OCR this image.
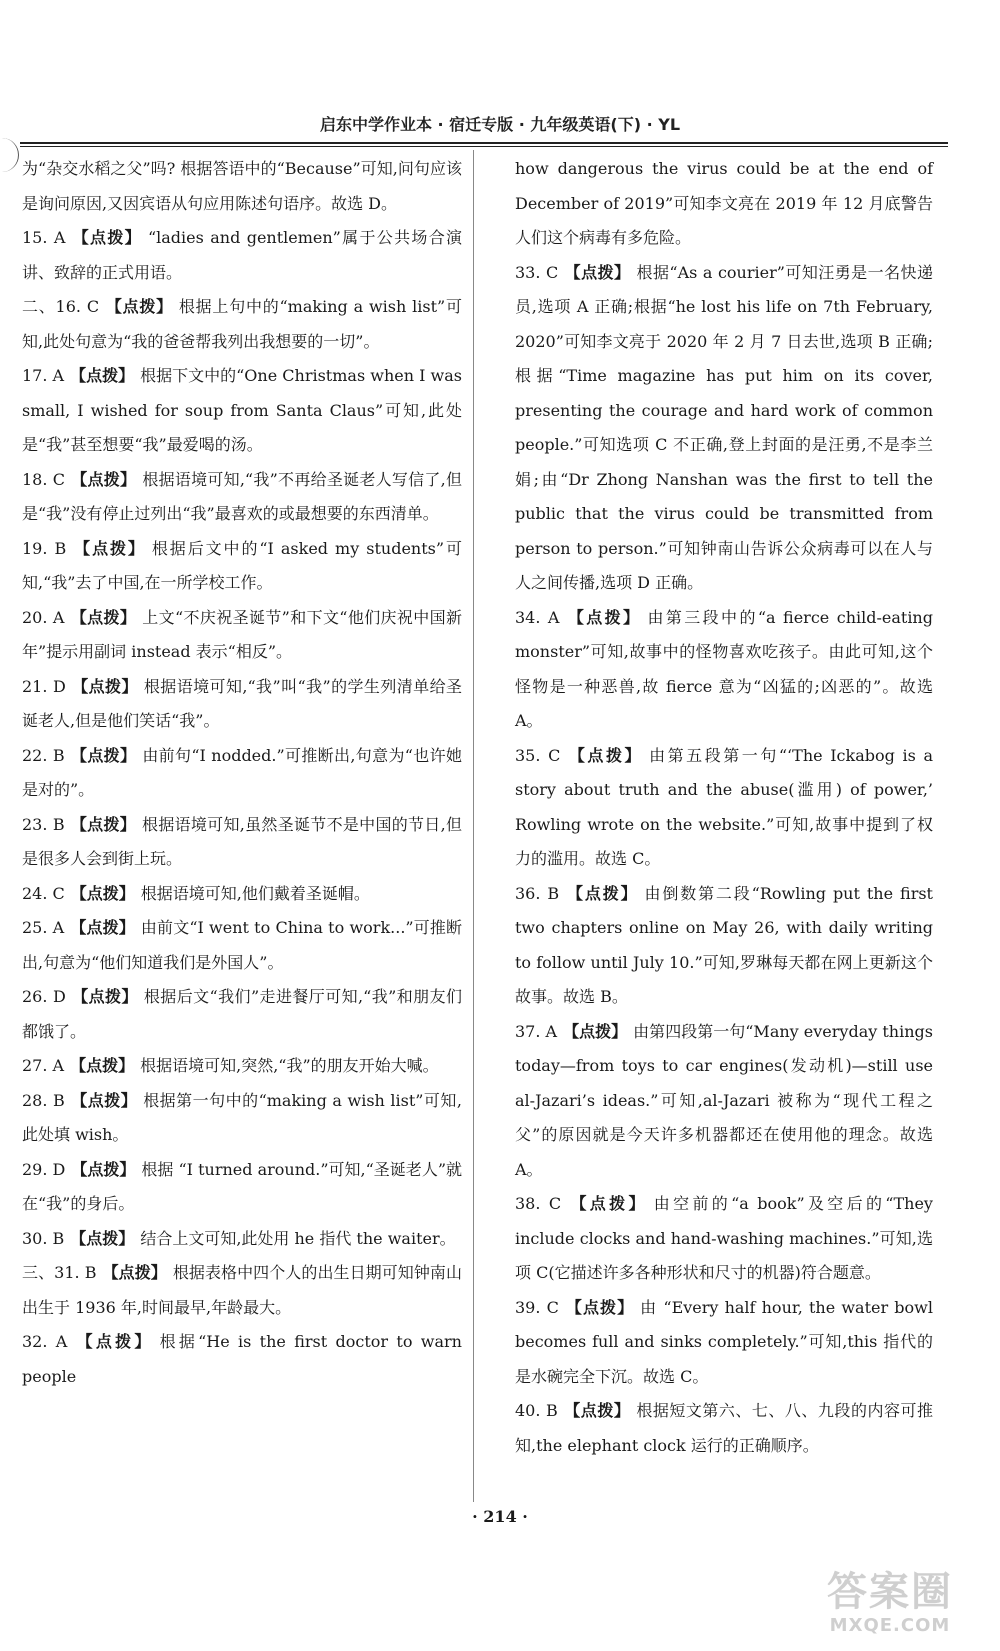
启东中学作业本 · 宿迁专版 · 九年级英语(下) · YL
为“杂交水稻之父”吗? 根据答语中的“Because”可知,问句应该是询问原因,又因宾语从句应用陈述句语序。故选 D。
15. A 【点拨】 “ladies and gentlemen”属于公共场合演讲、致辞的正式用语。
二、16. C 【点拨】 根据上句中的“making a wish list”可知,此处句意为“我的爸爸帮我列出我想要的一切”。
17. A 【点拨】 根据下文中的“One Christmas when I was small, I wished for soup from Santa Claus”可知,此处是“我”甚至想要“我”最爱喝的汤。
18. C 【点拨】 根据语境可知,“我”不再给圣诞老人写信了,但是“我”没有停止过列出“我”最喜欢的或最想要的东西清单。
19. B 【点拨】 根据后文中的“I asked my students”可知,“我”去了中国,在一所学校工作。
20. A 【点拨】 上文“不庆祝圣诞节”和下文“他们庆祝中国新年”提示用副词 instead 表示“相反”。
21. D 【点拨】 根据语境可知,“我”叫“我”的学生列清单给圣诞老人,但是他们笑话“我”。
22. B 【点拨】 由前句“I nodded.”可推断出,句意为“也许她是对的”。
23. B 【点拨】 根据语境可知,虽然圣诞节不是中国的节日,但是很多人会到街上玩。
24. C 【点拨】 根据语境可知,他们戴着圣诞帽。
25. A 【点拨】 由前文“I went to China to work...”可推断出,句意为“他们知道我们是外国人”。
26. D 【点拨】 根据后文“我们”走进餐厅可知,“我”和朋友们都饿了。
27. A 【点拨】 根据语境可知,突然,“我”的朋友开始大喊。
28. B 【点拨】 根据第一句中的“making a wish list”可知,此处填 wish。
29. D 【点拨】 根据 “I turned around.”可知,“圣诞老人”就在“我”的身后。
30. B 【点拨】 结合上文可知,此处用 he 指代 the waiter。
三、31. B 【点拨】 根据表格中四个人的出生日期可知钟南山出生于 1936 年,时间最早,年龄最大。
32. A 【点拨】 根据“He is the first doctor to warn people
how dangerous the virus could be at the end of December of 2019”可知李文亮在 2019 年 12 月底警告人们这个病毒有多危险。
33. C 【点拨】 根据“As a courier”可知汪勇是一名快递员,选项 A 正确;根据“he lost his life on 7th February, 2020”可知李文亮于 2020 年 2 月 7 日去世,选项 B 正确;根据“Time magazine has put him on its cover, presenting the courage and hard work of common people.”可知选项 C 不正确,登上封面的是汪勇,不是李兰娟;由“Dr Zhong Nanshan was the first to tell the public that the virus could be transmitted from person to person.”可知钟南山告诉公众病毒可以在人与人之间传播,选项 D 正确。
34. A 【点拨】 由第三段中的“a fierce child-eating monster”可知,故事中的怪物喜欢吃孩子。由此可知,这个怪物是一种恶兽,故 fierce 意为“凶猛的;凶恶的”。故选 A。
35. C 【点拨】 由第五段第一句“‘The Ickabog is a story about truth and the abuse(滥用) of power,’ Rowling wrote on the website.”可知,故事中提到了权力的滥用。故选 C。
36. B 【点拨】 由倒数第二段“Rowling put the first two chapters online on May 26, with daily writing to follow until July 10.”可知,罗琳每天都在网上更新这个故事。故选 B。
37. A 【点拨】 由第四段第一句“Many everyday things today—from toys to car engines(发动机)—still use al-Jazari’s ideas.”可知,al-Jazari 被称为“现代工程之父”的原因就是今天许多机器都还在使用他的理念。故选 A。
38. C 【点拨】 由空前的“a book”及空后的“They include clocks and hand-washing machines.”可知,选项 C(它描述许多各种形状和尺寸的机器)符合题意。
39. C 【点拨】 由 “Every half hour, the water bowl becomes full and sinks completely.”可知,this 指代的是水碗完全下沉。故选 C。
40. B 【点拨】 根据短文第六、七、八、九段的内容可推知,the elephant clock 运行的正确顺序。
· 214 ·
答案圈
MXQE.COM
